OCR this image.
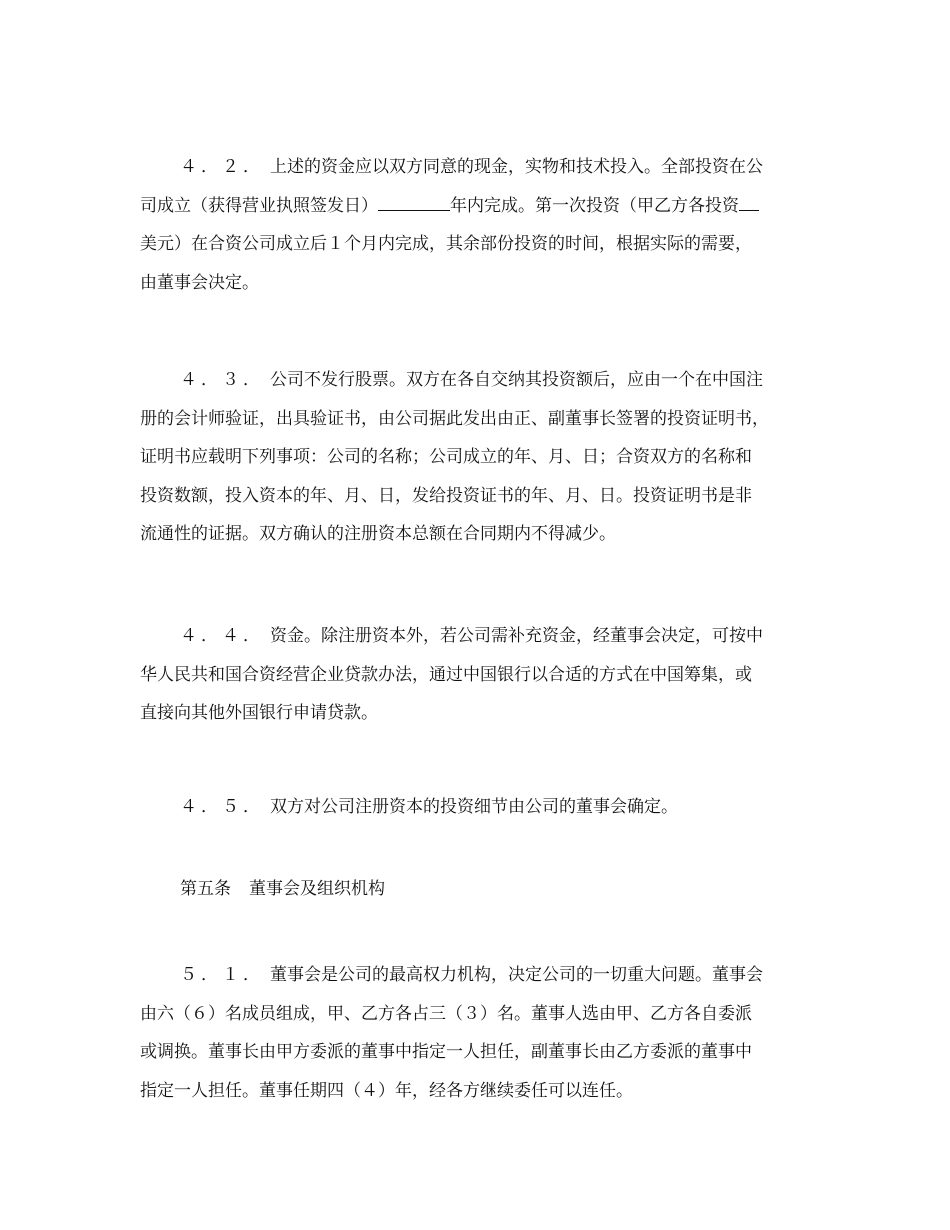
４．２． 上述的资金应以双方同意的现金，实物和技术投入。全部投资在公
司成立（获得营业执照签发日）	年内完成。第一次投资（甲乙方各投资
美元）在合资公司成立后１个月内完成，其余部份投资的时间，根据实际的需要，
由董事会决定。
４．３． 公司不发行股票。双方在各自交纳其投资额后，应由一个在中国注
册的会计师验证，出具验证书，由公司据此发出由正、副董事长签署的投资证明书，
证明书应载明下列事项：公司的名称；公司成立的年、月、日；合资双方的名称和
投资数额，投入资本的年、月、日，发给投资证书的年、月、日。投资证明书是非
流通性的证据。双方确认的注册资本总额在合同期内不得减少。
４．４． 资金。除注册资本外，若公司需补充资金，经董事会决定，可按中
华人民共和国合资经营企业贷款办法，通过中国银行以合适的方式在中国筹集，或
直接向其他外国银行申请贷款。
４．５． 双方对公司注册资本的投资细节由公司的董事会确定。
第五条 董事会及组织机构
５．１． 董事会是公司的最高权力机构，决定公司的一切重大问题。董事会
由六（６）名成员组成，甲、乙方各占三（３）名。董事人选由甲、乙方各自委派
或调换。董事长由甲方委派的董事中指定一人担任，副董事长由乙方委派的董事中
指定一人担任。董事任期四（４）年，经各方继续委任可以连任。
